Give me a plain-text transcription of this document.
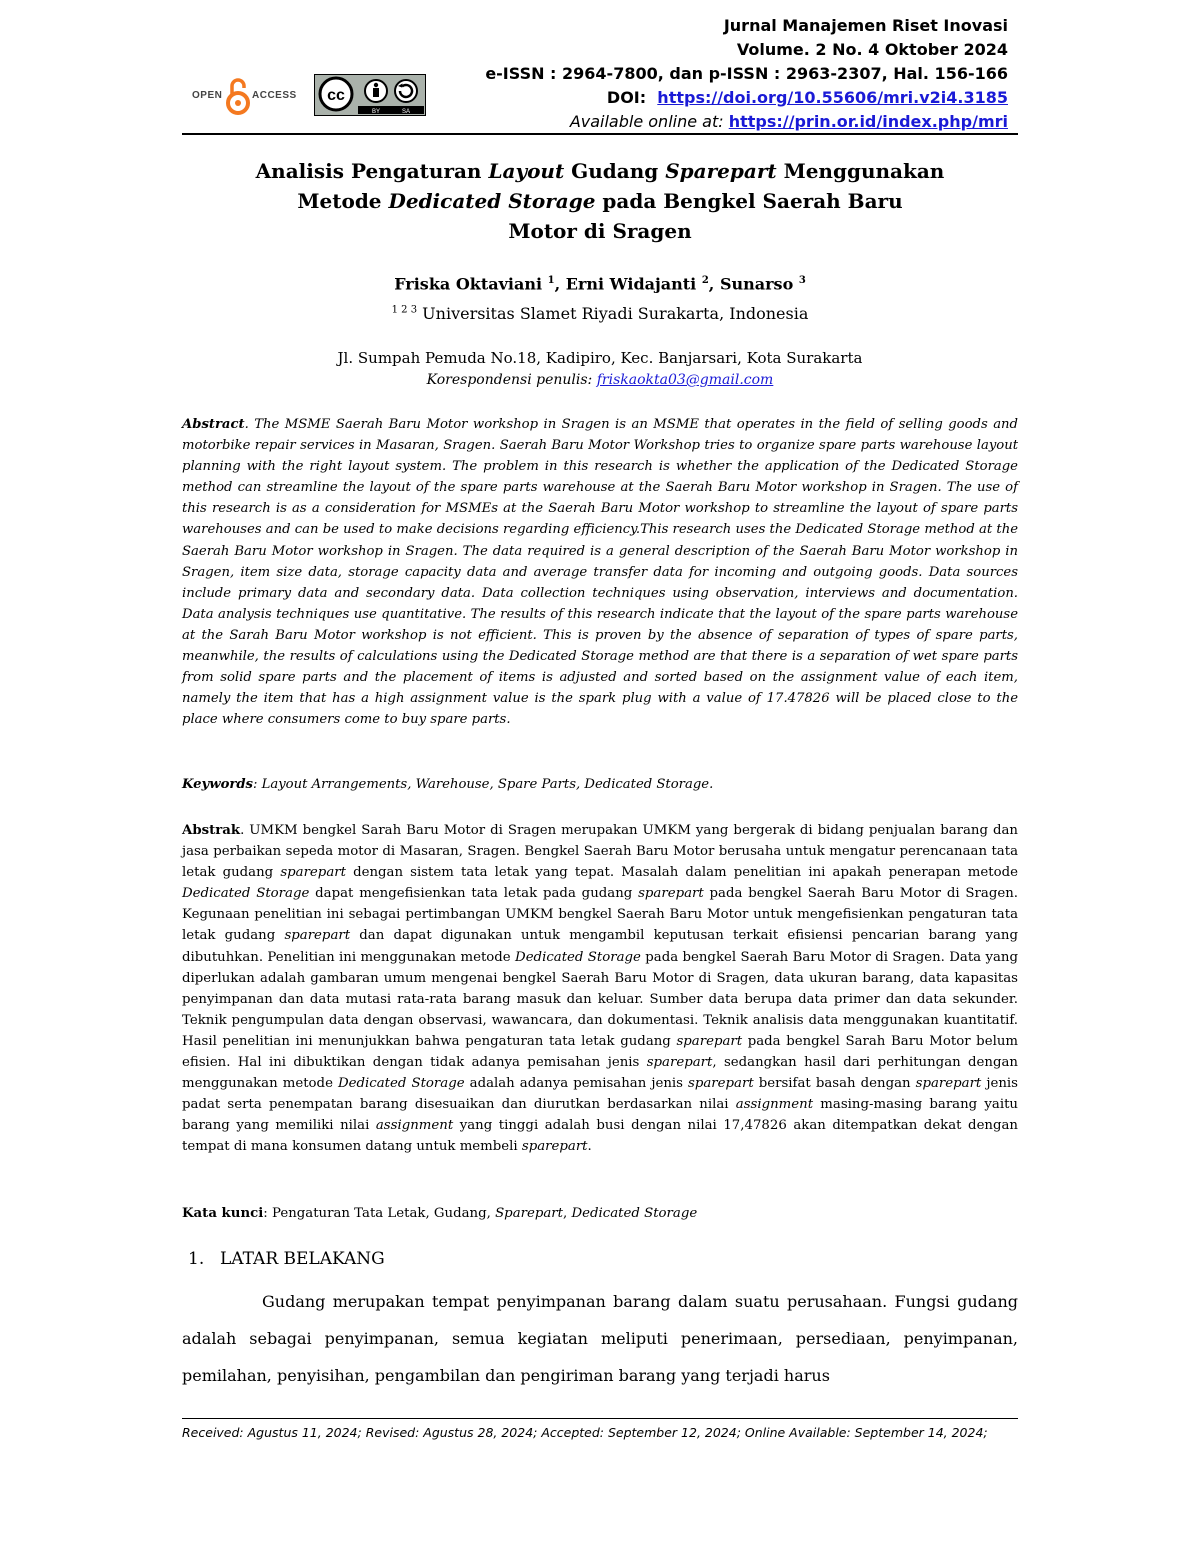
Jurnal Manajemen Riset Inovasi
Volume. 2 No. 4 Oktober 2024
e-ISSN : 2964-7800, dan p-ISSN : 2963-2307, Hal. 156-166
DOI: https://doi.org/10.55606/mri.v2i4.3185
Available online at: https://prin.or.id/index.php/mri
OPEN	ACCESS cc
BY	SA
Analisis Pengaturan Layout Gudang Sparepart Menggunakan
Metode Dedicated Storage pada Bengkel Saerah Baru
Motor di Sragen
Friska Oktaviani $^1$, Erni Widajanti $^2$, Sunarso $^3$
$^{1 2 3}$ Universitas Slamet Riyadi Surakarta, Indonesia
Jl. Sumpah Pemuda No.18, Kadipiro, Kec. Banjarsari, Kota Surakarta
Korespondensi penulis: friskaokta03@gmail.com
Abstract. The MSME Saerah Baru Motor workshop in Sragen is an MSME that operates in the field of selling goods and motorbike repair services in Masaran, Sragen. Saerah Baru Motor Workshop tries to organize spare parts warehouse layout planning with the right layout system. The problem in this research is whether the application of the Dedicated Storage method can streamline the layout of the spare parts warehouse at the Saerah Baru Motor workshop in Sragen. The use of this research is as a consideration for MSMEs at the Saerah Baru Motor workshop to streamline the layout of spare parts warehouses and can be used to make decisions regarding efficiency.This research uses the Dedicated Storage method at the Saerah Baru Motor workshop in Sragen. The data required is a general description of the Saerah Baru Motor workshop in Sragen, item size data, storage capacity data and average transfer data for incoming and outgoing goods. Data sources include primary data and secondary data. Data collection techniques using observation, interviews and documentation. Data analysis techniques use quantitative. The results of this research indicate that the layout of the spare parts warehouse at the Sarah Baru Motor workshop is not efficient. This is proven by the absence of separation of types of spare parts, meanwhile, the results of calculations using the Dedicated Storage method are that there is a separation of wet spare parts from solid spare parts and the placement of items is adjusted and sorted based on the assignment value of each item, namely the item that has a high assignment value is the spark plug with a value of 17.47826 will be placed close to the place where consumers come to buy spare parts.
Keywords: Layout Arrangements, Warehouse, Spare Parts, Dedicated Storage.
Abstrak. UMKM bengkel Sarah Baru Motor di Sragen merupakan UMKM yang bergerak di bidang penjualan barang dan jasa perbaikan sepeda motor di Masaran, Sragen. Bengkel Saerah Baru Motor berusaha untuk mengatur perencanaan tata letak gudang sparepart dengan sistem tata letak yang tepat. Masalah dalam penelitian ini apakah penerapan metode Dedicated Storage dapat mengefisienkan tata letak pada gudang sparepart pada bengkel Saerah Baru Motor di Sragen. Kegunaan penelitian ini sebagai pertimbangan UMKM bengkel Saerah Baru Motor untuk mengefisienkan pengaturan tata letak gudang sparepart dan dapat digunakan untuk mengambil keputusan terkait efisiensi pencarian barang yang dibutuhkan. Penelitian ini menggunakan metode Dedicated Storage pada bengkel Saerah Baru Motor di Sragen. Data yang diperlukan adalah gambaran umum mengenai bengkel Saerah Baru Motor di Sragen, data ukuran barang, data kapasitas penyimpanan dan data mutasi rata-rata barang masuk dan keluar. Sumber data berupa data primer dan data sekunder. Teknik pengumpulan data dengan observasi, wawancara, dan dokumentasi. Teknik analisis data menggunakan kuantitatif. Hasil penelitian ini menunjukkan bahwa pengaturan tata letak gudang sparepart pada bengkel Sarah Baru Motor belum efisien. Hal ini dibuktikan dengan tidak adanya pemisahan jenis sparepart, sedangkan hasil dari perhitungan dengan menggunakan metode Dedicated Storage adalah adanya pemisahan jenis sparepart bersifat basah dengan sparepart jenis padat serta penempatan barang disesuaikan dan diurutkan berdasarkan nilai assignment masing-masing barang yaitu barang yang memiliki nilai assignment yang tinggi adalah busi dengan nilai 17,47826 akan ditempatkan dekat dengan tempat di mana konsumen datang untuk membeli sparepart.
Kata kunci: Pengaturan Tata Letak, Gudang, Sparepart, Dedicated Storage
1. LATAR BELAKANG
Gudang merupakan tempat penyimpanan barang dalam suatu perusahaan. Fungsi gudang adalah sebagai penyimpanan, semua kegiatan meliputi penerimaan, persediaan, penyimpanan, pemilahan, penyisihan, pengambilan dan pengiriman barang yang terjadi harus
Received: Agustus 11, 2024; Revised: Agustus 28, 2024; Accepted: September 12, 2024; Online Available: September 14, 2024;
